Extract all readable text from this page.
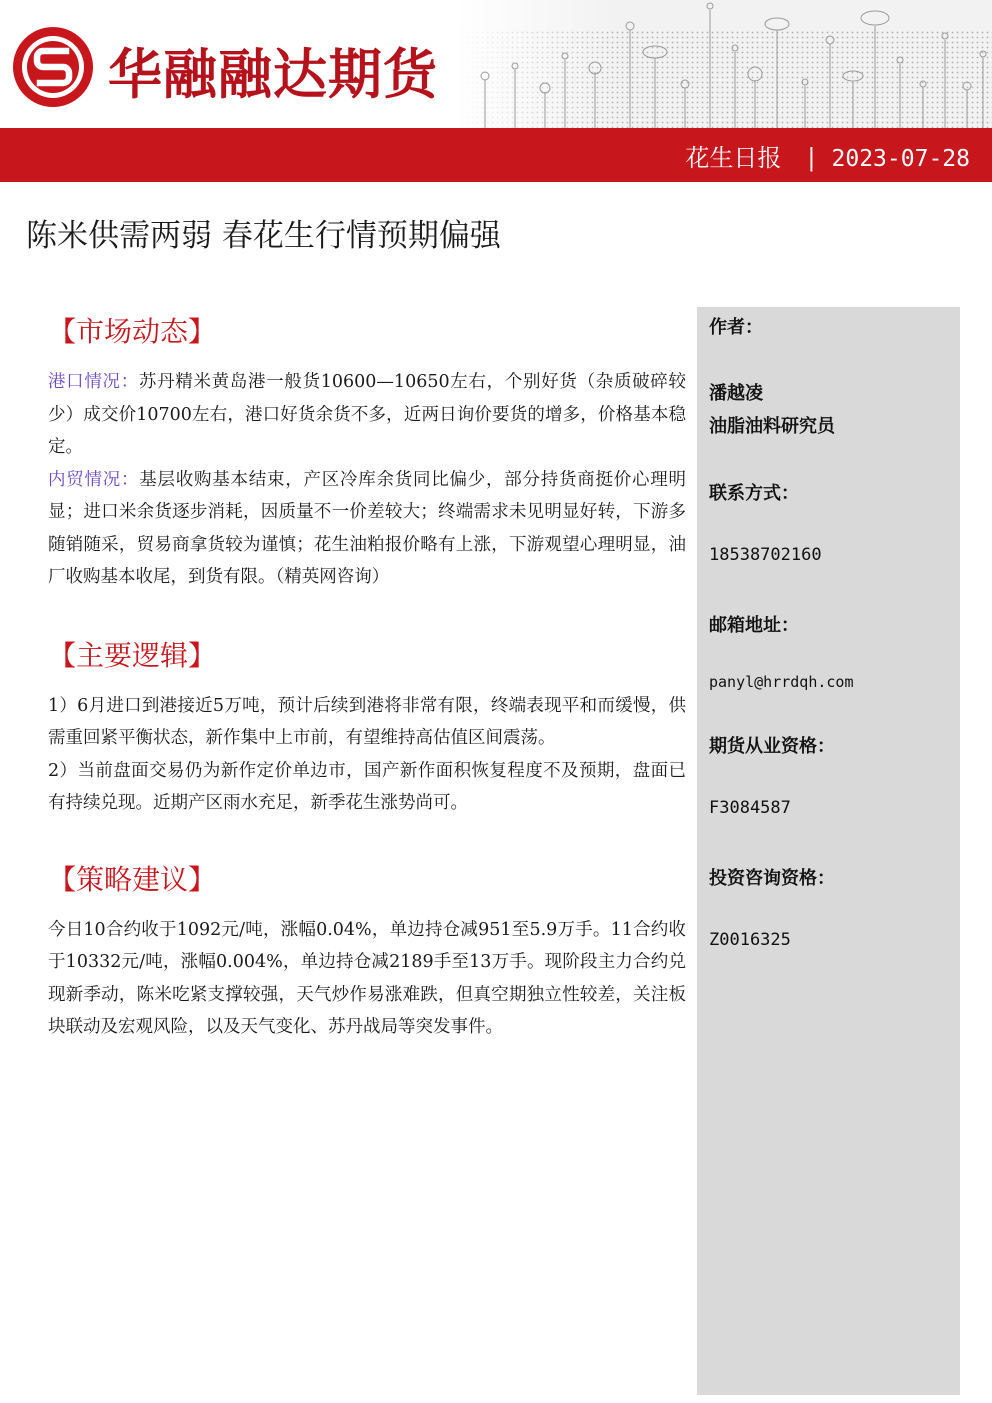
华融融达期货
花生日报 | 2023-07-28
陈米供需两弱 春花生行情预期偏强
【市场动态】

港口情况：苏丹精米黄岛港一般货10600—10650左右，个别好货（杂质破碎较少）成交价10700左右，港口好货余货不多，近两日询价要货的增多，价格基本稳定。

内贸情况：基层收购基本结束，产区冷库余货同比偏少，部分持货商挺价心理明显；进口米余货逐步消耗，因质量不一价差较大；终端需求未见明显好转，下游多随销随采，贸易商拿货较为谨慎；花生油粕报价略有上涨，下游观望心理明显，油厂收购基本收尾，到货有限。（精英网咨询）

【主要逻辑】

1）6月进口到港接近5万吨，预计后续到港将非常有限，终端表现平和而缓慢，供需重回紧平衡状态，新作集中上市前，有望维持高估值区间震荡。

2）当前盘面交易仍为新作定价单边市，国产新作面积恢复程度不及预期，盘面已有持续兑现。近期产区雨水充足，新季花生涨势尚可。

【策略建议】

今日10合约收于1092元/吨，涨幅0.04%，单边持仓减951至5.9万手。11合约收于10332元/吨，涨幅0.004%，单边持仓减2189手至13万手。现阶段主力合约兑现新季动，陈米吃紧支撑较强，天气炒作易涨难跌，但真空期独立性较差，关注板块联动及宏观风险，以及天气变化、苏丹战局等突发事件。

作者：
潘越凌
油脂油料研究员
联系方式：
18538702160
邮箱地址：
panyl@hrrdqh.com
期货从业资格：
F3084587
投资咨询资格：
Z0016325
